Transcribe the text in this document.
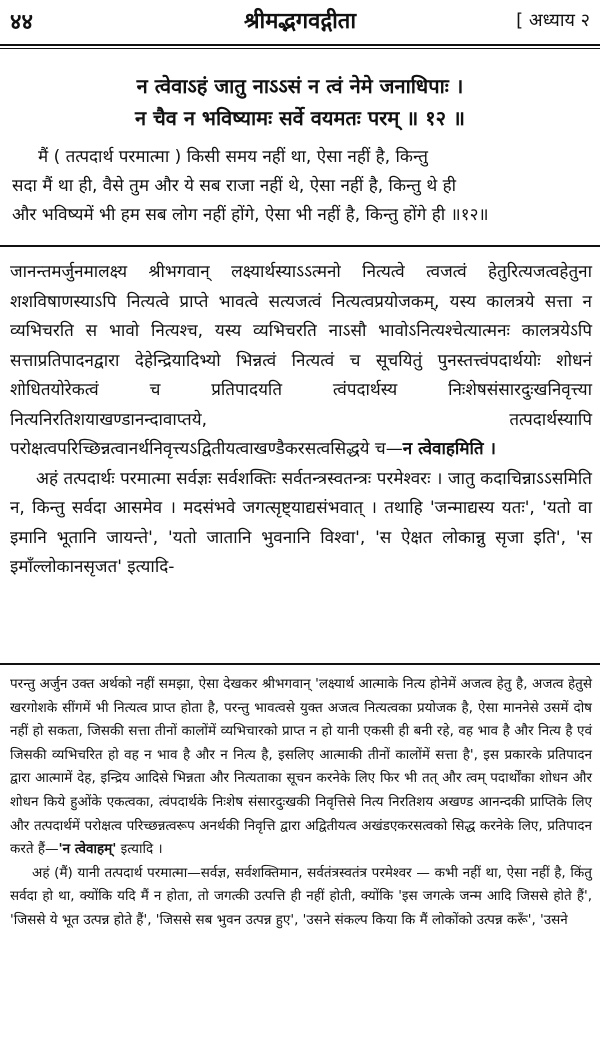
४४	श्रीमद्भगवद्गीता	[ अध्याय २
न त्वेवाऽहं जातु नाऽऽसं न त्वं नेमे जनाधिपाः ।
न चैव न भविष्यामः सर्वे वयमतः परम् ॥ १२ ॥
मैं ( तत्पदार्थ परमात्मा ) किसी समय नहीं था, ऐसा नहीं है, किन्तु
सदा मैं था ही, वैसे तुम और ये सब राजा नहीं थे, ऐसा नहीं है, किन्तु थे ही
और भविष्यमें भी हम सब लोग नहीं होंगे, ऐसा भी नहीं है, किन्तु होंगे ही ॥१२॥

जानन्तमर्जुनमालक्ष्य श्रीभगवान् लक्ष्यार्थस्याऽऽत्मनो नित्यत्वे त्वजत्वं हेतुरित्यजत्वहेतुना शशविषाणस्याऽपि नित्यत्वे प्राप्ते भावत्वे सत्यजत्वं नित्यत्वप्रयोजकम्, यस्य कालत्रये सत्ता न व्यभिचरति स भावो नित्यश्च, यस्य व्यभिचरति नाऽसौ भावोऽनित्यश्चेत्यात्मनः कालत्रयेऽपि सत्ताप्रतिपादनद्वारा देहेन्द्रियादिभ्यो भिन्नत्वं नित्यत्वं च सूचयितुं पुनस्तत्त्वंपदार्थयोः शोधनं शोधितयोरेकत्वं च प्रतिपादयति त्वंपदार्थस्य निःशेषसंसारदुःखनिवृत्त्या नित्यनिरतिशयाखण्डानन्दावाप्तये, तत्पदार्थस्यापि परोक्षत्वपरिच्छिन्नत्वानर्थनिवृत्त्यऽद्वितीयत्वाखण्डैकरसत्वसिद्धये च—न त्वेवाहमिति ।

अहं तत्पदार्थः परमात्मा सर्वज्ञः सर्वशक्तिः सर्वतन्त्रस्वतन्त्रः परमेश्वरः । जातु कदाचिन्नाऽऽसमिति न, किन्तु सर्वदा आसमेव । मदसंभवे जगत्सृष्ट्याद्यसंभवात् । तथाहि 'जन्माद्यस्य यतः', 'यतो वा इमानि भूतानि जायन्ते', 'यतो जातानि भुवनानि विश्वा', 'स ऐक्षत लोकान्नु सृजा इति', 'स इमाँल्लोकानसृजत' इत्यादि-

परन्तु अर्जुन उक्त अर्थको नहीं समझा, ऐसा देखकर श्रीभगवान् 'लक्ष्यार्थ आत्माके नित्य होनेमें अजत्व हेतु है, अजत्व हेतुसे खरगोशके सींगमें भी नित्यत्व प्राप्त होता है, परन्तु भावत्वसे युक्त अजत्व नित्यत्वका प्रयोजक है, ऐसा माननेसे उसमें दोष नहीं हो सकता, जिसकी सत्ता तीनों कालोंमें व्यभिचारको प्राप्त न हो यानी एकसी ही बनी रहे, वह भाव है और नित्य है एवं जिसकी व्यभिचरित हो वह न भाव है और न नित्य है, इसलिए आत्माकी तीनों कालोंमें सत्ता है', इस प्रकारके प्रतिपादन द्वारा आत्मामें देह, इन्द्रिय आदिसे भिन्नता और नित्यताका सूचन करनेके लिए फिर भी तत् और त्वम् पदार्थोंका शोधन और शोधन किये हुओंके एकत्वका, त्वंपदार्थके निःशेष संसारदुःखकी निवृत्तिसे नित्य निरतिशय अखण्ड आनन्दकी प्राप्तिके लिए और तत्पदार्थमें परोक्षत्व परिच्छन्नत्वरूप अनर्थकी निवृत्ति द्वारा अद्वितीयत्व अखंडएकरसत्वको सिद्ध करनेके लिए, प्रतिपादन करते हैं—'न त्वेवाहम्' इत्यादि ।

अहं (मैं) यानी तत्पदार्थ परमात्मा—सर्वज्ञ, सर्वशक्तिमान, सर्वतंत्रस्वतंत्र परमेश्वर — कभी नहीं था, ऐसा नहीं है, किंतु सर्वदा हो था, क्योंकि यदि मैं न होता, तो जगत्की उत्पत्ति ही नहीं होती, क्योंकि 'इस जगत्के जन्म आदि जिससे होते हैं', 'जिससे ये भूत उत्पन्न होते हैं', 'जिससे सब भुवन उत्पन्न हुए', 'उसने संकल्प किया कि मैं लोकोंको उत्पन्न करूँ', 'उसने
